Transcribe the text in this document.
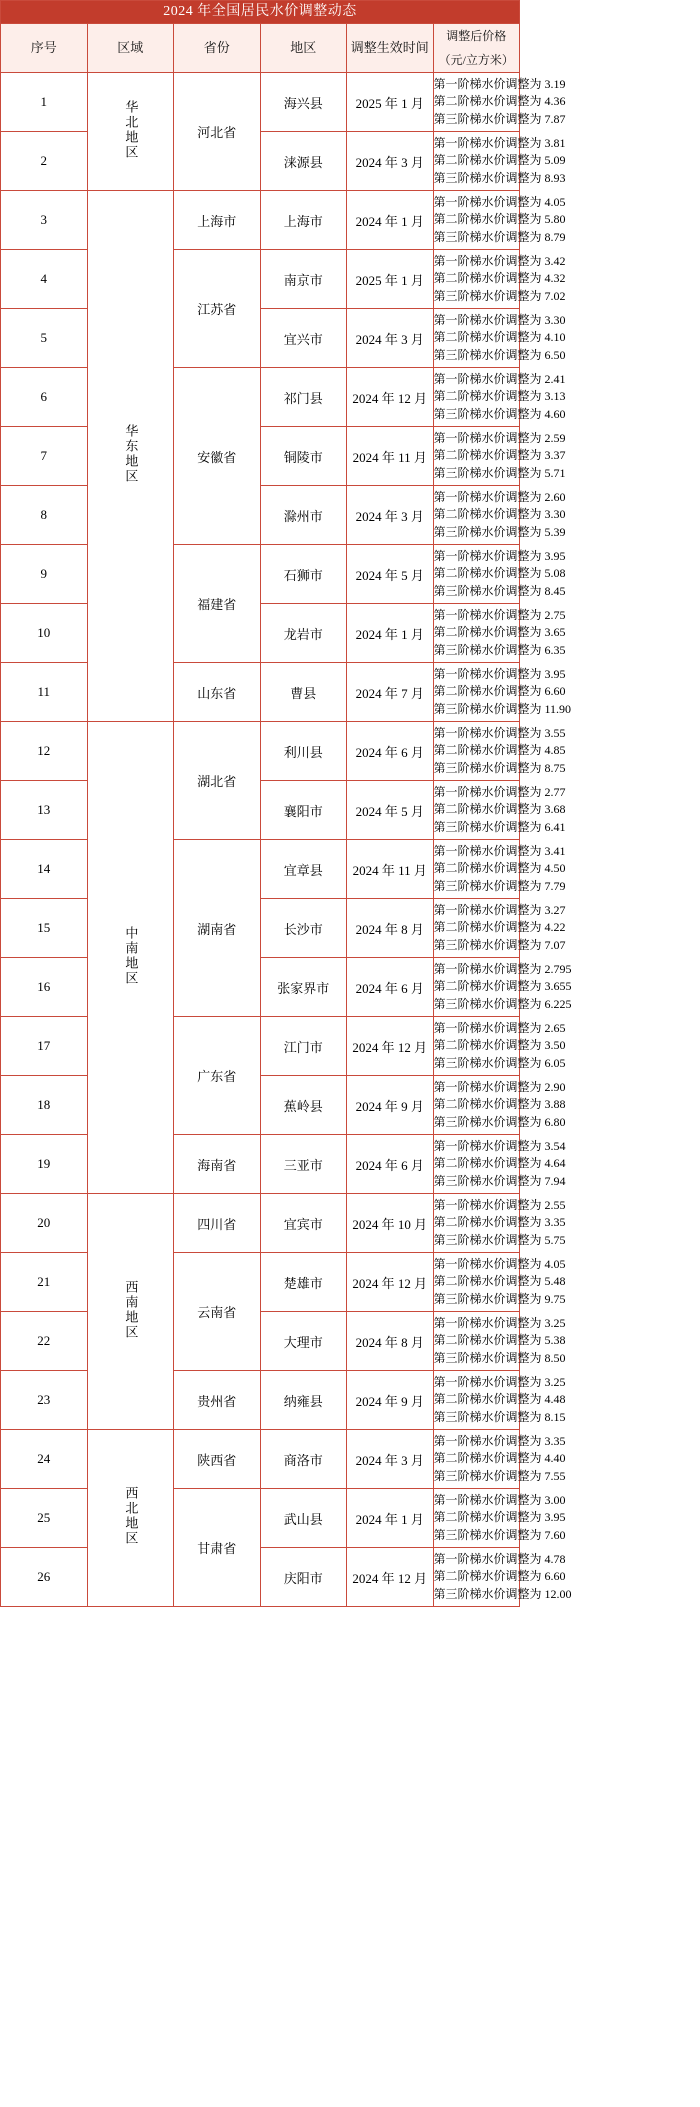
2024 年全国居民水价调整动态					
序号	区域	省份	地区	调整生效时间	调整后价格（元/立方米）
1	华北地区	河北省	海兴县	2025 年 1 月	第一阶梯水价调整为 3.19
第二阶梯水价调整为 4.36
第三阶梯水价调整为 7.87

2			涞源县	2024 年 3 月	第一阶梯水价调整为 3.81
第二阶梯水价调整为 5.09
第三阶梯水价调整为 8.93

3	华东地区	上海市	上海市	2024 年 1 月	第一阶梯水价调整为 4.05
第二阶梯水价调整为 5.80
第三阶梯水价调整为 8.79

4		江苏省	南京市	2025 年 1 月	第一阶梯水价调整为 3.42
第二阶梯水价调整为 4.32
第三阶梯水价调整为 7.02

5			宜兴市	2024 年 3 月	第一阶梯水价调整为 3.30
第二阶梯水价调整为 4.10
第三阶梯水价调整为 6.50

6		安徽省	祁门县	2024 年 12 月	第一阶梯水价调整为 2.41
第二阶梯水价调整为 3.13
第三阶梯水价调整为 4.60

7			铜陵市	2024 年 11 月	第一阶梯水价调整为 2.59
第二阶梯水价调整为 3.37
第三阶梯水价调整为 5.71

8			滁州市	2024 年 3 月	第一阶梯水价调整为 2.60
第二阶梯水价调整为 3.30
第三阶梯水价调整为 5.39

9		福建省	石狮市	2024 年 5 月	第一阶梯水价调整为 3.95
第二阶梯水价调整为 5.08
第三阶梯水价调整为 8.45

10			龙岩市	2024 年 1 月	第一阶梯水价调整为 2.75
第二阶梯水价调整为 3.65
第三阶梯水价调整为 6.35

11		山东省	曹县	2024 年 7 月	第一阶梯水价调整为 3.95
第二阶梯水价调整为 6.60
第三阶梯水价调整为 11.90

12	中南地区	湖北省	利川县	2024 年 6 月	第一阶梯水价调整为 3.55
第二阶梯水价调整为 4.85
第三阶梯水价调整为 8.75

13			襄阳市	2024 年 5 月	第一阶梯水价调整为 2.77
第二阶梯水价调整为 3.68
第三阶梯水价调整为 6.41

14		湖南省	宜章县	2024 年 11 月	第一阶梯水价调整为 3.41
第二阶梯水价调整为 4.50
第三阶梯水价调整为 7.79

15			长沙市	2024 年 8 月	第一阶梯水价调整为 3.27
第二阶梯水价调整为 4.22
第三阶梯水价调整为 7.07

16			张家界市	2024 年 6 月	第一阶梯水价调整为 2.795
第二阶梯水价调整为 3.655
第三阶梯水价调整为 6.225

17		广东省	江门市	2024 年 12 月	第一阶梯水价调整为 2.65
第二阶梯水价调整为 3.50
第三阶梯水价调整为 6.05

18			蕉岭县	2024 年 9 月	第一阶梯水价调整为 2.90
第二阶梯水价调整为 3.88
第三阶梯水价调整为 6.80

19		海南省	三亚市	2024 年 6 月	第一阶梯水价调整为 3.54
第二阶梯水价调整为 4.64
第三阶梯水价调整为 7.94

20	西南地区	四川省	宜宾市	2024 年 10 月	第一阶梯水价调整为 2.55
第二阶梯水价调整为 3.35
第三阶梯水价调整为 5.75

21		云南省	楚雄市	2024 年 12 月	第一阶梯水价调整为 4.05
第二阶梯水价调整为 5.48
第三阶梯水价调整为 9.75

22			大理市	2024 年 8 月	第一阶梯水价调整为 3.25
第二阶梯水价调整为 5.38
第三阶梯水价调整为 8.50

23		贵州省	纳雍县	2024 年 9 月	第一阶梯水价调整为 3.25
第二阶梯水价调整为 4.48
第三阶梯水价调整为 8.15

24	西北地区	陕西省	商洛市	2024 年 3 月	第一阶梯水价调整为 3.35
第二阶梯水价调整为 4.40
第三阶梯水价调整为 7.55

25		甘肃省	武山县	2024 年 1 月	第一阶梯水价调整为 3.00
第二阶梯水价调整为 3.95
第三阶梯水价调整为 7.60

26			庆阳市	2024 年 12 月	第一阶梯水价调整为 4.78
第二阶梯水价调整为 6.60
第三阶梯水价调整为 12.00
